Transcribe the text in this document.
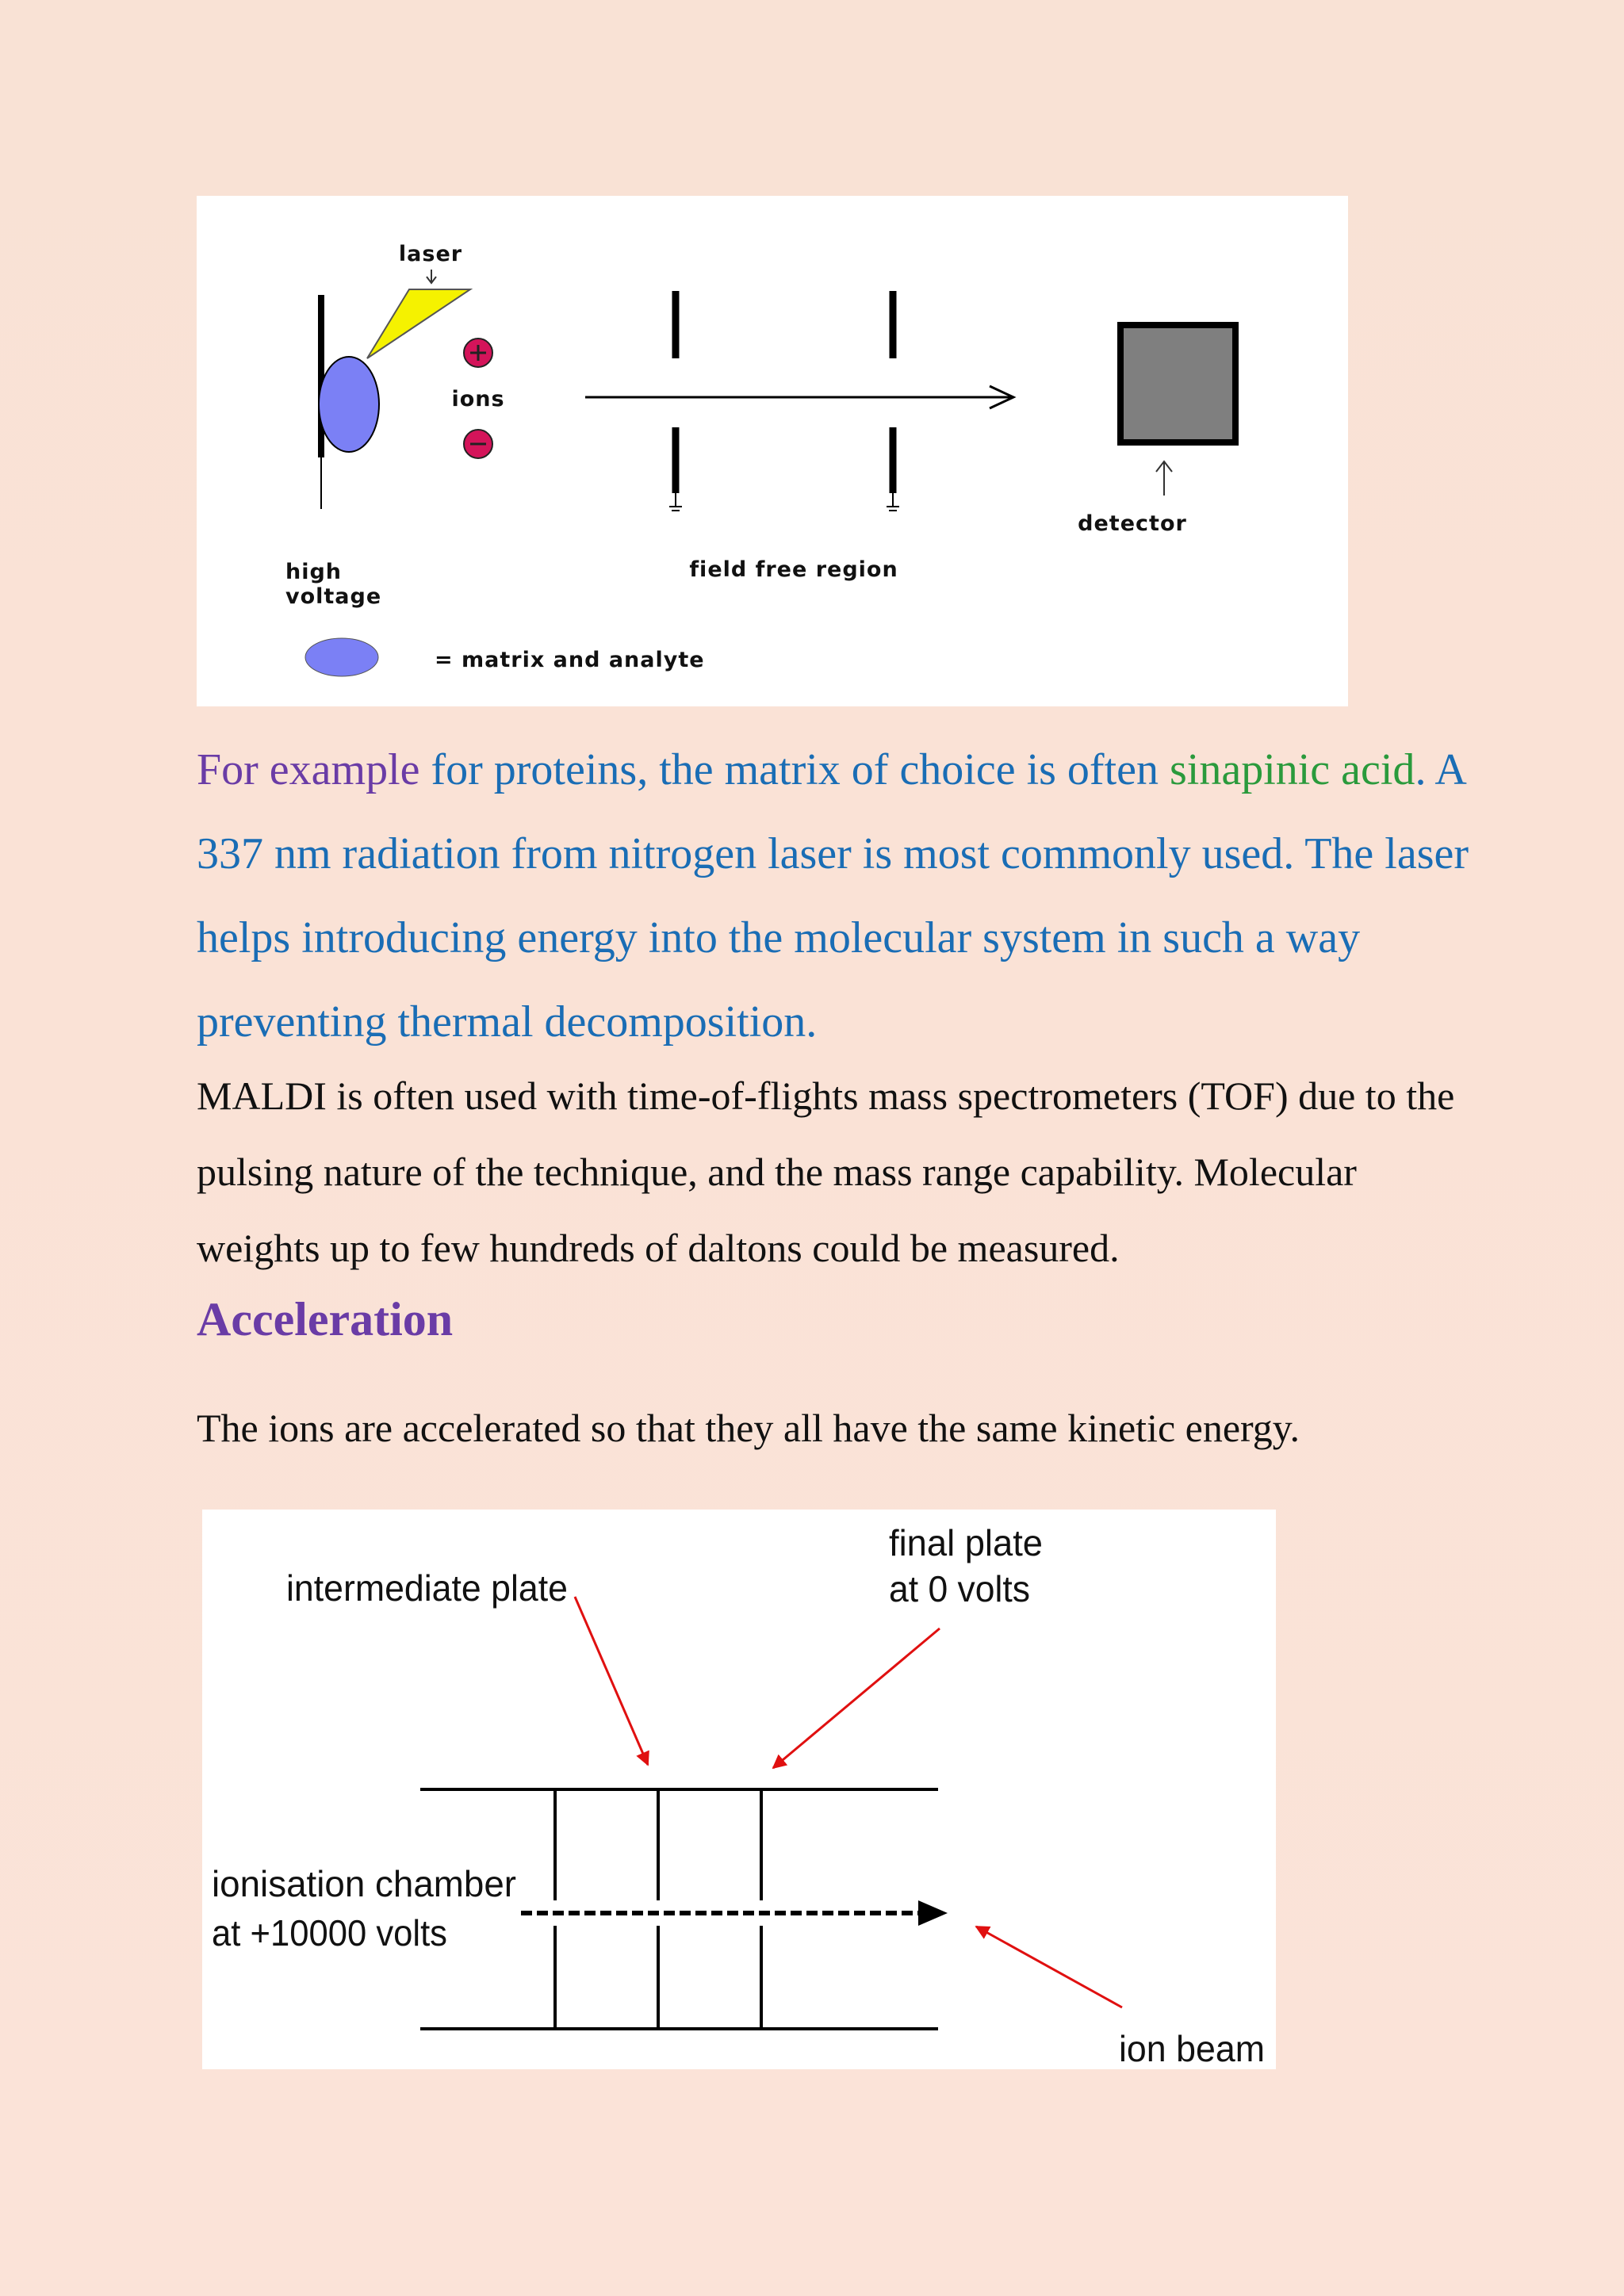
laser
ions
field free region
detector
high
voltage
= matrix and analyte

For example for proteins, the matrix of choice is often sinapinic acid. A 337 nm radiation from nitrogen laser is most commonly used. The laser helps introducing energy into the molecular system in such a way preventing thermal decomposition.

MALDI is often used with time-of-flights mass spectrometers (TOF) due to the pulsing nature of the technique, and the mass range capability. Molecular weights up to few hundreds of daltons could be measured.

Acceleration
The ions are accelerated so that they all have the same kinetic energy.
intermediate plate
final plate
at 0 volts
ionisation chamber
at +10000 volts
ion beam
